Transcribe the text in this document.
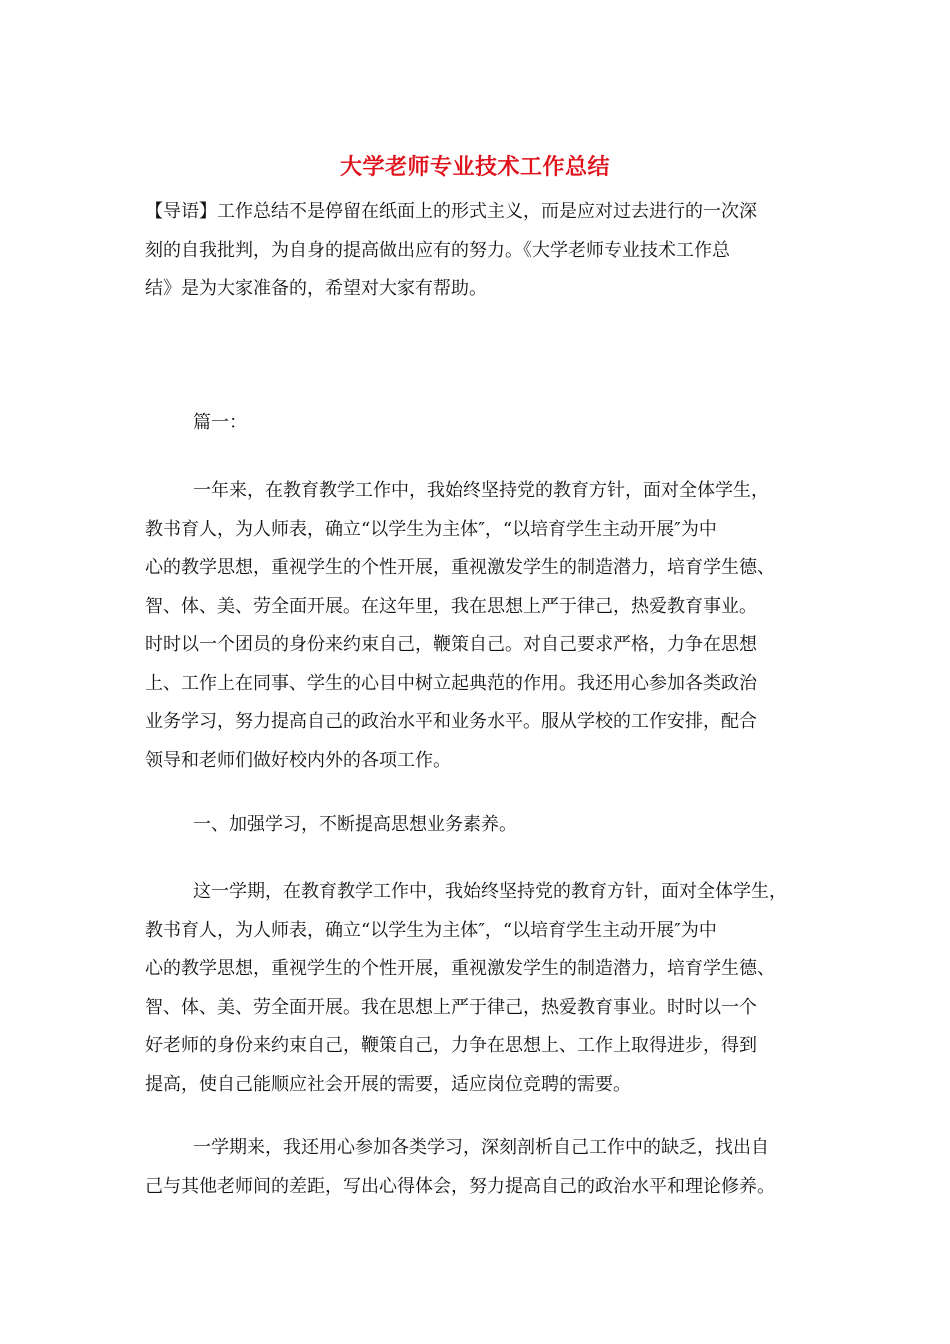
大学老师专业技术工作总结

【导语】工作总结不是停留在纸面上的形式主义，而是应对过去进行的一次深
刻的自我批判，为自身的提高做出应有的努力。《大学老师专业技术工作总
结》是为大家准备的，希望对大家有帮助。

篇一：

一年来，在教育教学工作中，我始终坚持党的教育方针，面对全体学生，
教书育人，为人师表，确立“以学生为主体″，“以培育学生主动开展″为中
心的教学思想，重视学生的个性开展，重视激发学生的制造潜力，培育学生德、
智、体、美、劳全面开展。在这年里，我在思想上严于律己，热爱教育事业。
时时以一个团员的身份来约束自己，鞭策自己。对自己要求严格，力争在思想
上、工作上在同事、学生的心目中树立起典范的作用。我还用心参加各类政治
业务学习，努力提高自己的政治水平和业务水平。服从学校的工作安排，配合
领导和老师们做好校内外的各项工作。

一、加强学习，不断提高思想业务素养。

这一学期，在教育教学工作中，我始终坚持党的教育方针，面对全体学生，
教书育人，为人师表，确立“以学生为主体″，“以培育学生主动开展″为中
心的教学思想，重视学生的个性开展，重视激发学生的制造潜力，培育学生德、
智、体、美、劳全面开展。我在思想上严于律己，热爱教育事业。时时以一个
好老师的身份来约束自己，鞭策自己，力争在思想上、工作上取得进步，得到
提高，使自己能顺应社会开展的需要，适应岗位竞聘的需要。

一学期来，我还用心参加各类学习，深刻剖析自己工作中的缺乏，找出自
己与其他老师间的差距，写出心得体会，努力提高自己的政治水平和理论修养。
